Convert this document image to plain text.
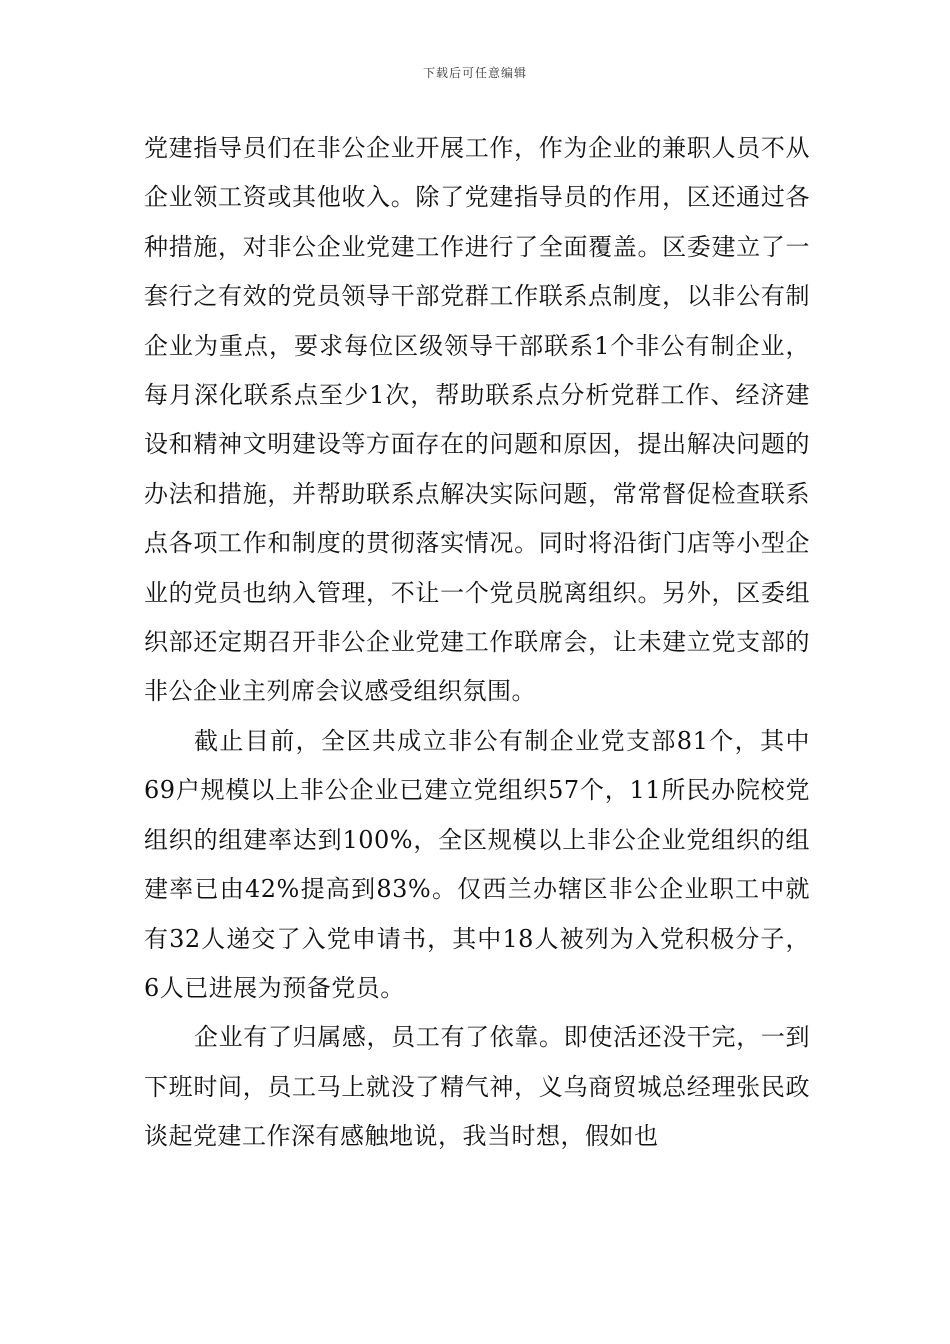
下载后可任意编辑

党建指导员们在非公企业开展工作，作为企业的兼职人员不从企业领工资或其他收入。除了党建指导员的作用，区还通过各种措施，对非公企业党建工作进行了全面覆盖。区委建立了一套行之有效的党员领导干部党群工作联系点制度，以非公有制企业为重点，要求每位区级领导干部联系1个非公有制企业，每月深化联系点至少1次，帮助联系点分析党群工作、经济建设和精神文明建设等方面存在的问题和原因，提出解决问题的办法和措施，并帮助联系点解决实际问题，常常督促检查联系点各项工作和制度的贯彻落实情况。同时将沿街门店等小型企业的党员也纳入管理，不让一个党员脱离组织。另外，区委组织部还定期召开非公企业党建工作联席会，让未建立党支部的非公企业主列席会议感受组织氛围。

截止目前，全区共成立非公有制企业党支部81个，其中69户规模以上非公企业已建立党组织57个，11所民办院校党组织的组建率达到100%，全区规模以上非公企业党组织的组建率已由42%提高到83%。仅西兰办辖区非公企业职工中就有32人递交了入党申请书，其中18人被列为入党积极分子，6人已进展为预备党员。

企业有了归属感，员工有了依靠。即使活还没干完，一到下班时间，员工马上就没了精气神，义乌商贸城总经理张民政谈起党建工作深有感触地说，我当时想，假如也
